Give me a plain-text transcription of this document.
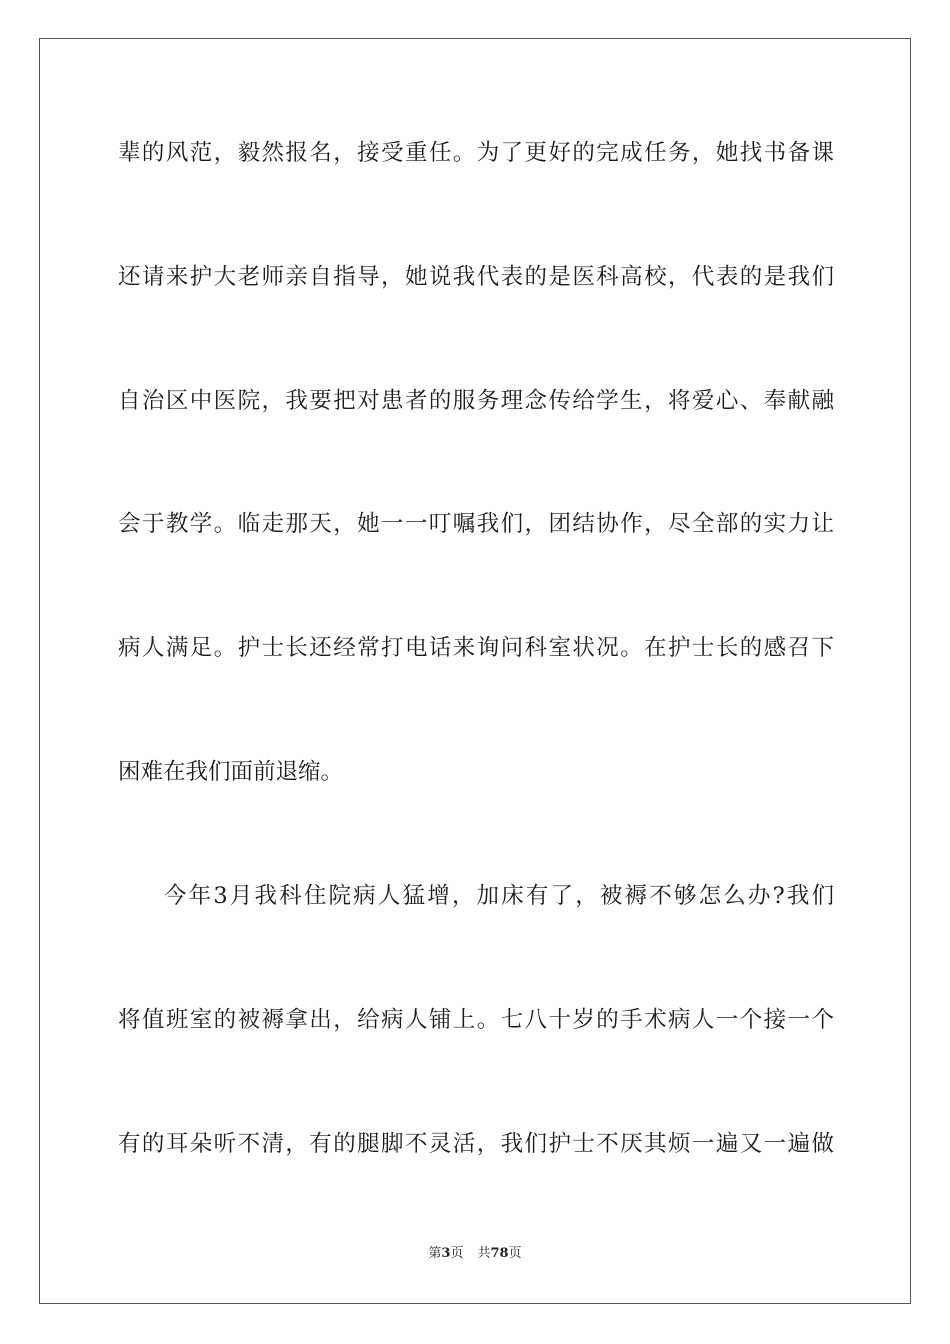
辈的风范，毅然报名，接受重任。为了更好的完成任务，她找书备课
还请来护大老师亲自指导，她说我代表的是医科高校，代表的是我们
自治区中医院，我要把对患者的服务理念传给学生，将爱心、奉献融
会于教学。临走那天，她一一叮嘱我们，团结协作，尽全部的实力让
病人满足。护士长还经常打电话来询问科室状况。在护士长的感召下
困难在我们面前退缩。
今年3月我科住院病人猛增，加床有了，被褥不够怎么办?我们
将值班室的被褥拿出，给病人铺上。七八十岁的手术病人一个接一个
有的耳朵听不清，有的腿脚不灵活，我们护士不厌其烦一遍又一遍做
第3页 共78页
